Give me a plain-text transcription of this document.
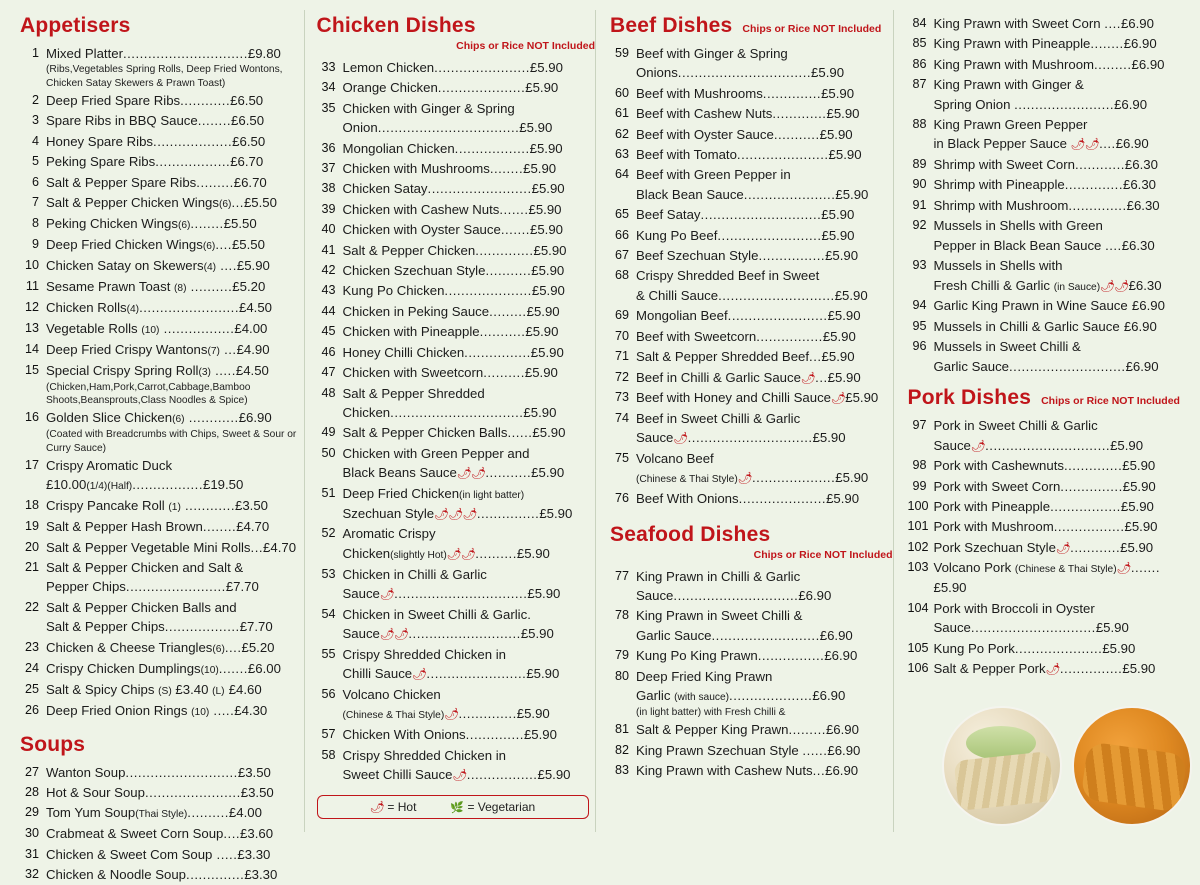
Appetisers
1 Mixed Platter..............................£9.80
(Ribs,Vegetables Spring Rolls, Deep Fried Wontons, Chicken Satay Skewers & Prawn Toast)
2 Deep Fried Spare Ribs............£6.50
3 Spare Ribs in BBQ Sauce........£6.50
4 Honey Spare Ribs...................£6.50
5 Peking Spare Ribs..................£6.70
6 Salt & Pepper Spare Ribs.........£6.70
7 Salt & Pepper Chicken Wings(6)...£5.50
8 Peking Chicken Wings(6)........£5.50
9 Deep Fried Chicken Wings(6)....£5.50
10 Chicken Satay on Skewers(4) ....£5.90
11 Sesame Prawn Toast (8) ..........£5.20
12 Chicken Rolls(4)........................£4.50
13 Vegetable Rolls (10) .................£4.00
14 Deep Fried Crispy Wantons(7) ...£4.90
15 Special Crispy Spring Roll(3) .....£4.50
(Chicken,Ham,Pork,Carrot,Cabbage,Bamboo Shoots,Beansprouts,Class Noodles & Spice)
16 Golden Slice Chicken(6) ............£6.90
(Coated with Breadcrumbs with Chips, Sweet & Sour or Curry Sauce)
17 Crispy Aromatic Duck
£10.00(1/4)(Half).................£19.50
18 Crispy Pancake Roll (1) ............£3.50
19 Salt & Pepper Hash Brown........£4.70
20 Salt & Pepper Vegetable Mini Rolls...£4.70
21 Salt & Pepper Chicken and Salt &
Pepper Chips........................£7.70
22 Salt & Pepper Chicken Balls and
Salt & Pepper Chips..................£7.70
23 Chicken & Cheese Triangles(6)....£5.20
24 Crispy Chicken Dumplings(10).......£6.00
25 Salt & Spicy Chips (S) £3.40 (L) £4.60
26 Deep Fried Onion Rings (10) .....£4.30
Soups
27 Wanton Soup...........................£3.50
28 Hot & Sour Soup.......................£3.50
29 Tom Yum Soup(Thai Style)..........£4.00
30 Crabmeat & Sweet Corn Soup....£3.60
31 Chicken & Sweet Com Soup .....£3.30
32 Chicken & Noodle Soup..............£3.30
Chicken Dishes
Chips or Rice NOT Included
33 Lemon Chicken.......................£5.90
34 Orange Chicken.....................£5.90
35 Chicken with Ginger & Spring
Onion..................................£5.90
36 Mongolian Chicken..................£5.90
37 Chicken with Mushrooms........£5.90
38 Chicken Satay.........................£5.90
39 Chicken with Cashew Nuts.......£5.90
40 Chicken with Oyster Sauce.......£5.90
41 Salt & Pepper Chicken..............£5.90
42 Chicken Szechuan Style...........£5.90
43 Kung Po Chicken.....................£5.90
44 Chicken in Peking Sauce.........£5.90
45 Chicken with Pineapple...........£5.90
46 Honey Chilli Chicken................£5.90
47 Chicken with Sweetcorn..........£5.90
48 Salt & Pepper Shredded
Chicken................................£5.90
49 Salt & Pepper Chicken Balls......£5.90
50 Chicken with Green Pepper and
Black Beans Sauce🌶🌶...........£5.90
51 Deep Fried Chicken(in light batter)
Szechuan Style🌶🌶🌶...............£5.90
52 Aromatic Crispy
Chicken(slightly Hot)🌶🌶..........£5.90
53 Chicken in Chilli & Garlic
Sauce🌶................................£5.90
54 Chicken in Sweet Chilli & Garlic.
Sauce🌶🌶...........................£5.90
55 Crispy Shredded Chicken in
Chilli Sauce🌶........................£5.90
56 Volcano Chicken
(Chinese & Thai Style)🌶..............£5.90
57 Chicken With Onions..............£5.90
58 Crispy Shredded Chicken in
Sweet Chilli Sauce🌶.................£5.90
🌶 = Hot	🌿 = Vegetarian
Beef Dishes Chips or Rice NOT Included
59 Beef with Ginger & Spring
Onions................................£5.90
60 Beef with Mushrooms..............£5.90
61 Beef with Cashew Nuts.............£5.90
62 Beef with Oyster Sauce...........£5.90
63 Beef with Tomato......................£5.90
64 Beef with Green Pepper in
Black Bean Sauce......................£5.90
65 Beef Satay.............................£5.90
66 Kung Po Beef.........................£5.90
67 Beef Szechuan Style................£5.90
68 Crispy Shredded Beef in Sweet
& Chilli Sauce............................£5.90
69 Mongolian Beef........................£5.90
70 Beef with Sweetcorn................£5.90
71 Salt & Pepper Shredded Beef...£5.90
72 Beef in Chilli & Garlic Sauce🌶...£5.90
73 Beef with Honey and Chilli Sauce🌶£5.90
74 Beef in Sweet Chilli & Garlic
Sauce🌶..............................£5.90
75 Volcano Beef
(Chinese & Thai Style)🌶....................£5.90
76 Beef With Onions.....................£5.90
Seafood Dishes
Chips or Rice NOT Included
77 King Prawn in Chilli & Garlic
Sauce..............................£6.90
78 King Prawn in Sweet Chilli &
Garlic Sauce..........................£6.90
79 Kung Po King Prawn................£6.90
80 Deep Fried King Prawn
Garlic (with sauce)....................£6.90
(in light batter) with Fresh Chilli &
81 Salt & Pepper King Prawn.........£6.90
82 King Prawn Szechuan Style ......£6.90
83 King Prawn with Cashew Nuts...£6.90
84 King Prawn with Sweet Corn ....£6.90
85 King Prawn with Pineapple........£6.90
86 King Prawn with Mushroom.........£6.90
87 King Prawn with Ginger &
Spring Onion ........................£6.90
88 King Prawn Green Pepper
in Black Pepper Sauce 🌶🌶....£6.90
89 Shrimp with Sweet Corn............£6.30
90 Shrimp with Pineapple..............£6.30
91 Shrimp with Mushroom..............£6.30
92 Mussels in Shells with Green
Pepper in Black Bean Sauce ....£6.30
93 Mussels in Shells with
Fresh Chilli & Garlic (in Sauce)🌶🌶£6.30
94 Garlic King Prawn in Wine Sauce £6.90
95 Mussels in Chilli & Garlic Sauce £6.90
96 Mussels in Sweet Chilli &
Garlic Sauce............................£6.90
Pork Dishes Chips or Rice NOT Included
97 Pork in Sweet Chilli & Garlic
Sauce🌶..............................£5.90
98 Pork with Cashewnuts..............£5.90
99 Pork with Sweet Corn...............£5.90
100 Pork with Pineapple.................£5.90
101 Pork with Mushroom.................£5.90
102 Pork Szechuan Style🌶............£5.90
103 Volcano Pork (Chinese & Thai Style)🌶.......£5.90
104 Pork with Broccoli in Oyster
Sauce..............................£5.90
105 Kung Po Pork.....................£5.90
106 Salt & Pepper Pork🌶...............£5.90
